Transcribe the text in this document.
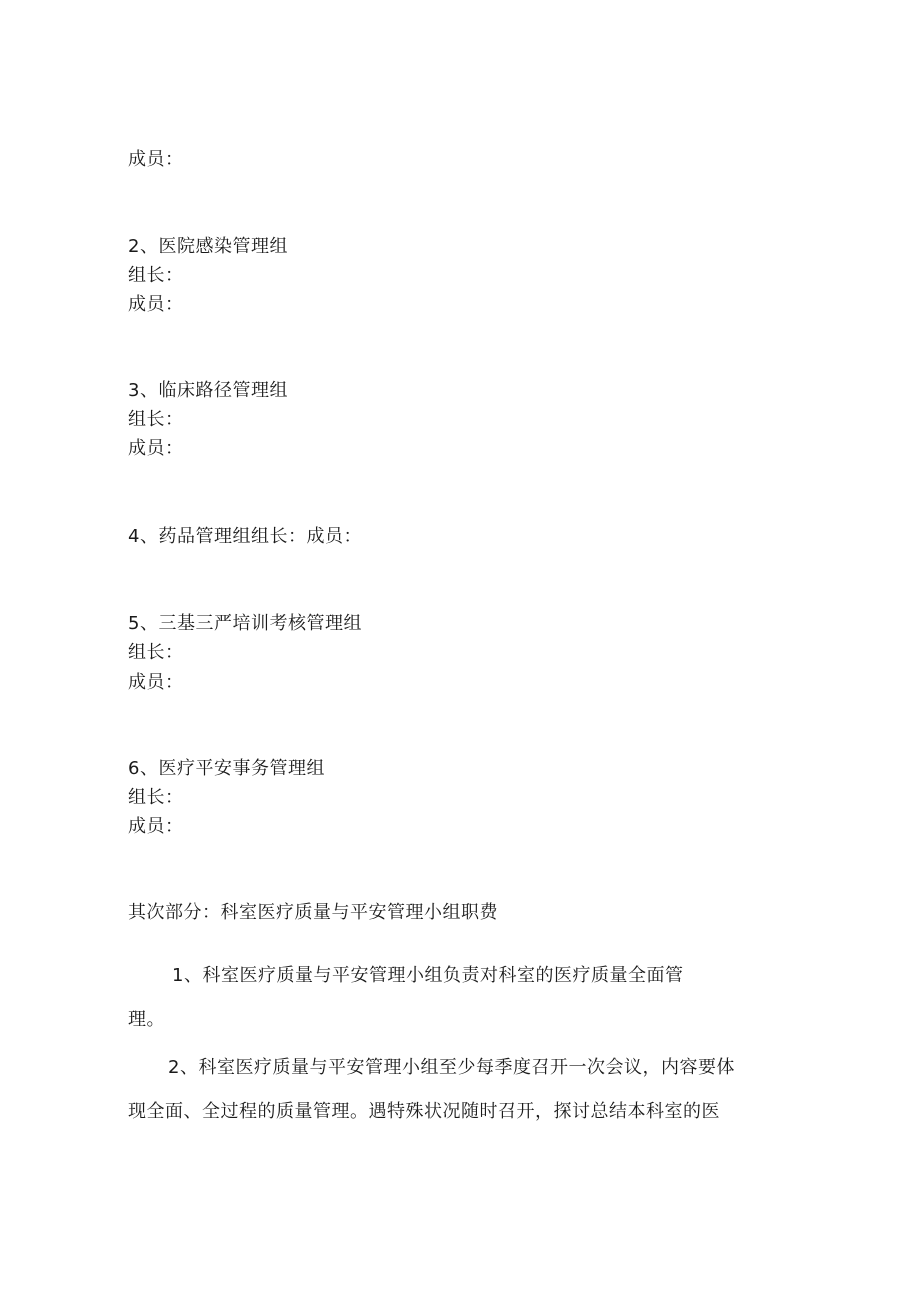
成员：
2、医院感染管理组
组长：
成员：
3、临床路径管理组
组长：
成员：
4、药品管理组组长：成员：
5、三基三严培训考核管理组
组长：
成员：
6、医疗平安事务管理组
组长：
成员：
其次部分：科室医疗质量与平安管理小组职费
1、科室医疗质量与平安管理小组负责对科室的医疗质量全面管
理。
2、科室医疗质量与平安管理小组至少每季度召开一次会议，内容要体
现全面、全过程的质量管理。遇特殊状况随时召开，探讨总结本科室的医
